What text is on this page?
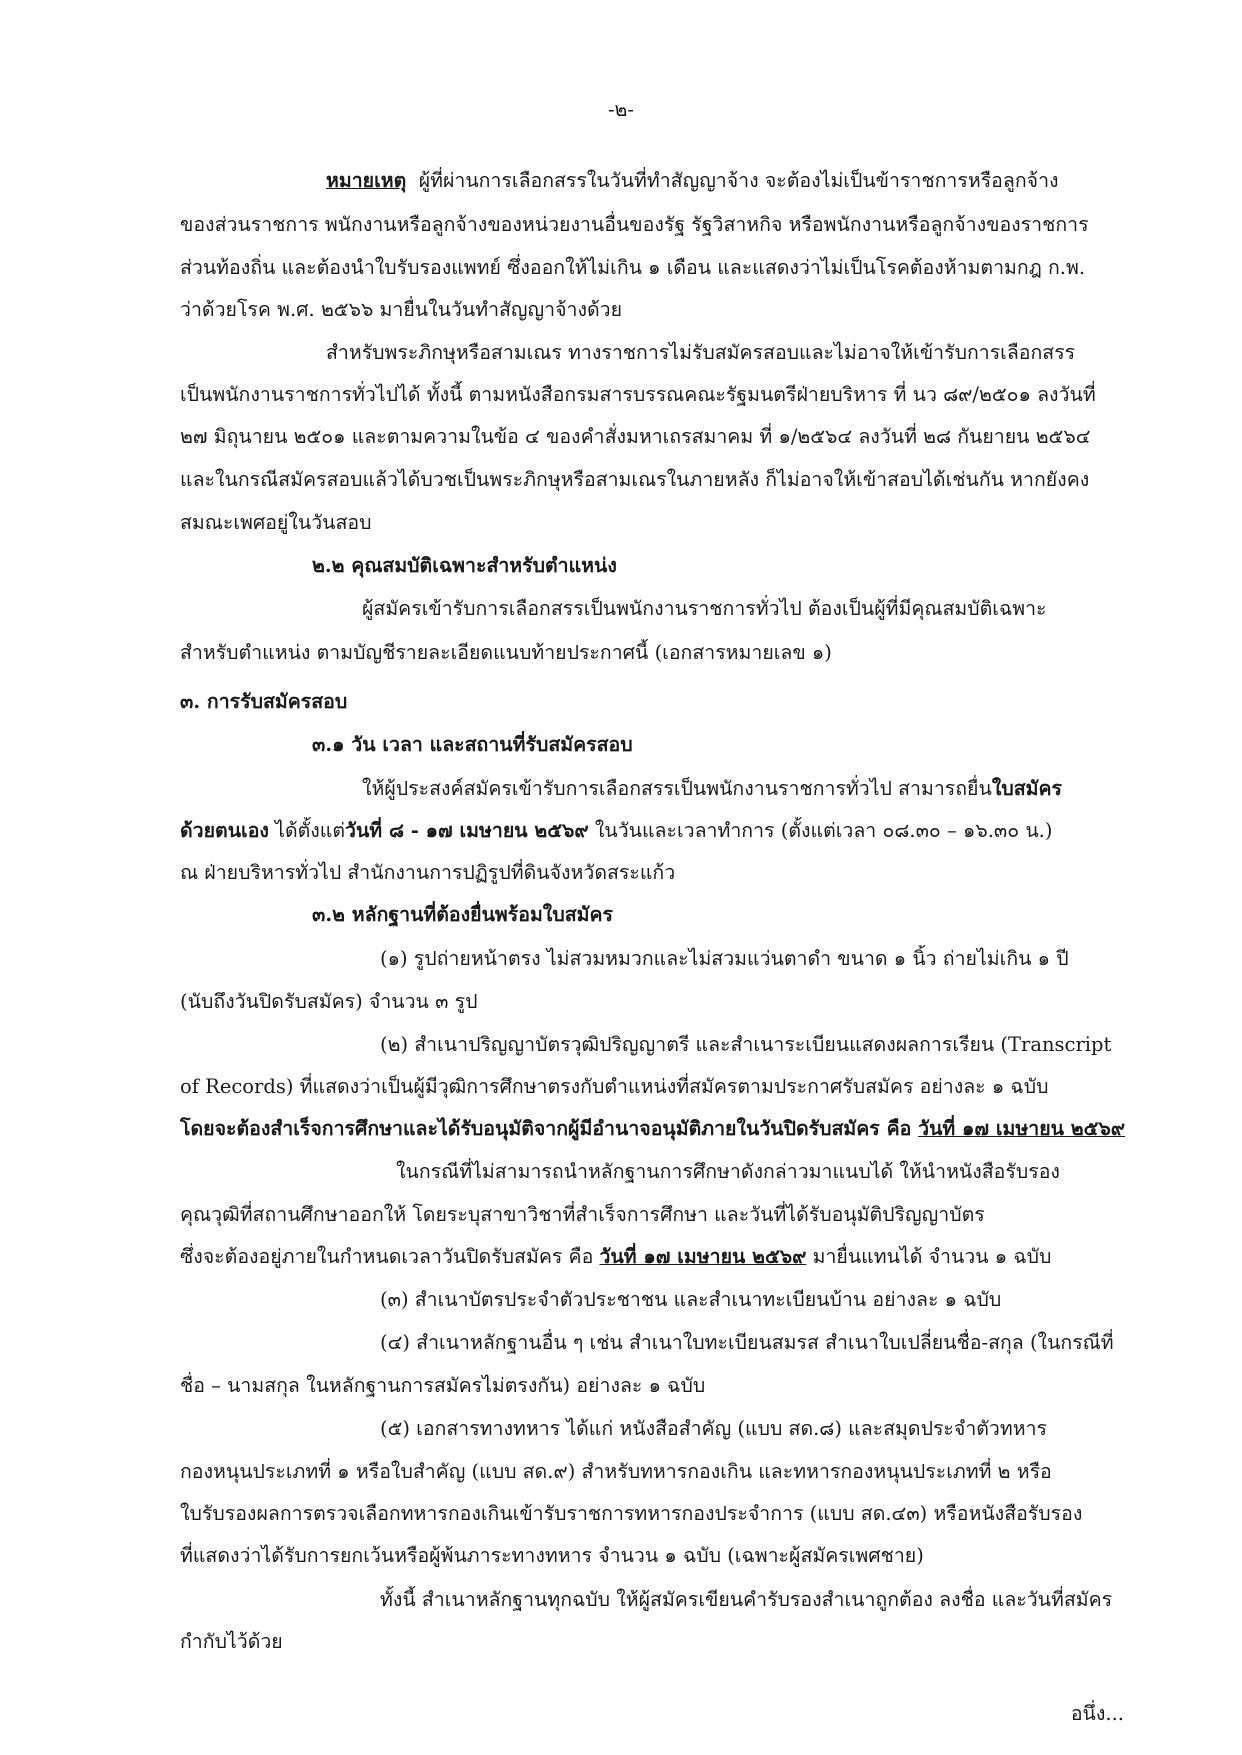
-๒-
หมายเหตุ ผู้ที่ผ่านการเลือกสรรในวันที่ทำสัญญาจ้าง จะต้องไม่เป็นข้าราชการหรือลูกจ้าง
ของส่วนราชการ พนักงานหรือลูกจ้างของหน่วยงานอื่นของรัฐ รัฐวิสาหกิจ หรือพนักงานหรือลูกจ้างของราชการ
ส่วนท้องถิ่น และต้องนำใบรับรองแพทย์ ซึ่งออกให้ไม่เกิน ๑ เดือน และแสดงว่าไม่เป็นโรคต้องห้ามตามกฎ ก.พ.
ว่าด้วยโรค พ.ศ. ๒๕๖๖ มายื่นในวันทำสัญญาจ้างด้วย
สำหรับพระภิกษุหรือสามเณร ทางราชการไม่รับสมัครสอบและไม่อาจให้เข้ารับการเลือกสรร
เป็นพนักงานราชการทั่วไปได้ ทั้งนี้ ตามหนังสือกรมสารบรรณคณะรัฐมนตรีฝ่ายบริหาร ที่ นว ๘๙/๒๕๐๑ ลงวันที่
๒๗ มิถุนายน ๒๕๐๑ และตามความในข้อ ๔ ของคำสั่งมหาเถรสมาคม ที่ ๑/๒๕๖๔ ลงวันที่ ๒๘ กันยายน ๒๕๖๔
และในกรณีสมัครสอบแล้วได้บวชเป็นพระภิกษุหรือสามเณรในภายหลัง ก็ไม่อาจให้เข้าสอบได้เช่นกัน หากยังคง
สมณะเพศอยู่ในวันสอบ
๒.๒ คุณสมบัติเฉพาะสำหรับตำแหน่ง
ผู้สมัครเข้ารับการเลือกสรรเป็นพนักงานราชการทั่วไป ต้องเป็นผู้ที่มีคุณสมบัติเฉพาะ
สำหรับตำแหน่ง ตามบัญชีรายละเอียดแนบท้ายประกาศนี้ (เอกสารหมายเลข ๑)
๓. การรับสมัครสอบ
๓.๑ วัน เวลา และสถานที่รับสมัครสอบ
ให้ผู้ประสงค์สมัครเข้ารับการเลือกสรรเป็นพนักงานราชการทั่วไป สามารถยื่นใบสมัคร
ด้วยตนเอง ได้ตั้งแต่วันที่ ๘ - ๑๗ เมษายน ๒๕๖๙ ในวันและเวลาทำการ (ตั้งแต่เวลา ๐๘.๓๐ – ๑๖.๓๐ น.)
ณ ฝ่ายบริหารทั่วไป สำนักงานการปฏิรูปที่ดินจังหวัดสระแก้ว
๓.๒ หลักฐานที่ต้องยื่นพร้อมใบสมัคร
(๑) รูปถ่ายหน้าตรง ไม่สวมหมวกและไม่สวมแว่นตาดำ ขนาด ๑ นิ้ว ถ่ายไม่เกิน ๑ ปี
(นับถึงวันปิดรับสมัคร) จำนวน ๓ รูป
(๒) สำเนาปริญญาบัตรวุฒิปริญญาตรี และสำเนาระเบียนแสดงผลการเรียน (Transcript
of Records) ที่แสดงว่าเป็นผู้มีวุฒิการศึกษาตรงกับตำแหน่งที่สมัครตามประกาศรับสมัคร อย่างละ ๑ ฉบับ
โดยจะต้องสำเร็จการศึกษาและได้รับอนุมัติจากผู้มีอำนาจอนุมัติภายในวันปิดรับสมัคร คือ วันที่ ๑๗ เมษายน ๒๕๖๙
ในกรณีที่ไม่สามารถนำหลักฐานการศึกษาดังกล่าวมาแนบได้ ให้นำหนังสือรับรอง
คุณวุฒิที่สถานศึกษาออกให้ โดยระบุสาขาวิชาที่สำเร็จการศึกษา และวันที่ได้รับอนุมัติปริญญาบัตร
ซึ่งจะต้องอยู่ภายในกำหนดเวลาวันปิดรับสมัคร คือ วันที่ ๑๗ เมษายน ๒๕๖๙ มายื่นแทนได้ จำนวน ๑ ฉบับ
(๓) สำเนาบัตรประจำตัวประชาชน และสำเนาทะเบียนบ้าน อย่างละ ๑ ฉบับ
(๔) สำเนาหลักฐานอื่น ๆ เช่น สำเนาใบทะเบียนสมรส สำเนาใบเปลี่ยนชื่อ-สกุล (ในกรณีที่
ชื่อ – นามสกุล ในหลักฐานการสมัครไม่ตรงกัน) อย่างละ ๑ ฉบับ
(๕) เอกสารทางทหาร ได้แก่ หนังสือสำคัญ (แบบ สด.๘) และสมุดประจำตัวทหาร
กองหนุนประเภทที่ ๑ หรือใบสำคัญ (แบบ สด.๙) สำหรับทหารกองเกิน และทหารกองหนุนประเภทที่ ๒ หรือ
ใบรับรองผลการตรวจเลือกทหารกองเกินเข้ารับราชการทหารกองประจำการ (แบบ สด.๔๓) หรือหนังสือรับรอง
ที่แสดงว่าได้รับการยกเว้นหรือผู้พ้นภาระทางทหาร จำนวน ๑ ฉบับ (เฉพาะผู้สมัครเพศชาย)
ทั้งนี้ สำเนาหลักฐานทุกฉบับ ให้ผู้สมัครเขียนคำรับรองสำเนาถูกต้อง ลงชื่อ และวันที่สมัคร
กำกับไว้ด้วย
อนึ่ง...
